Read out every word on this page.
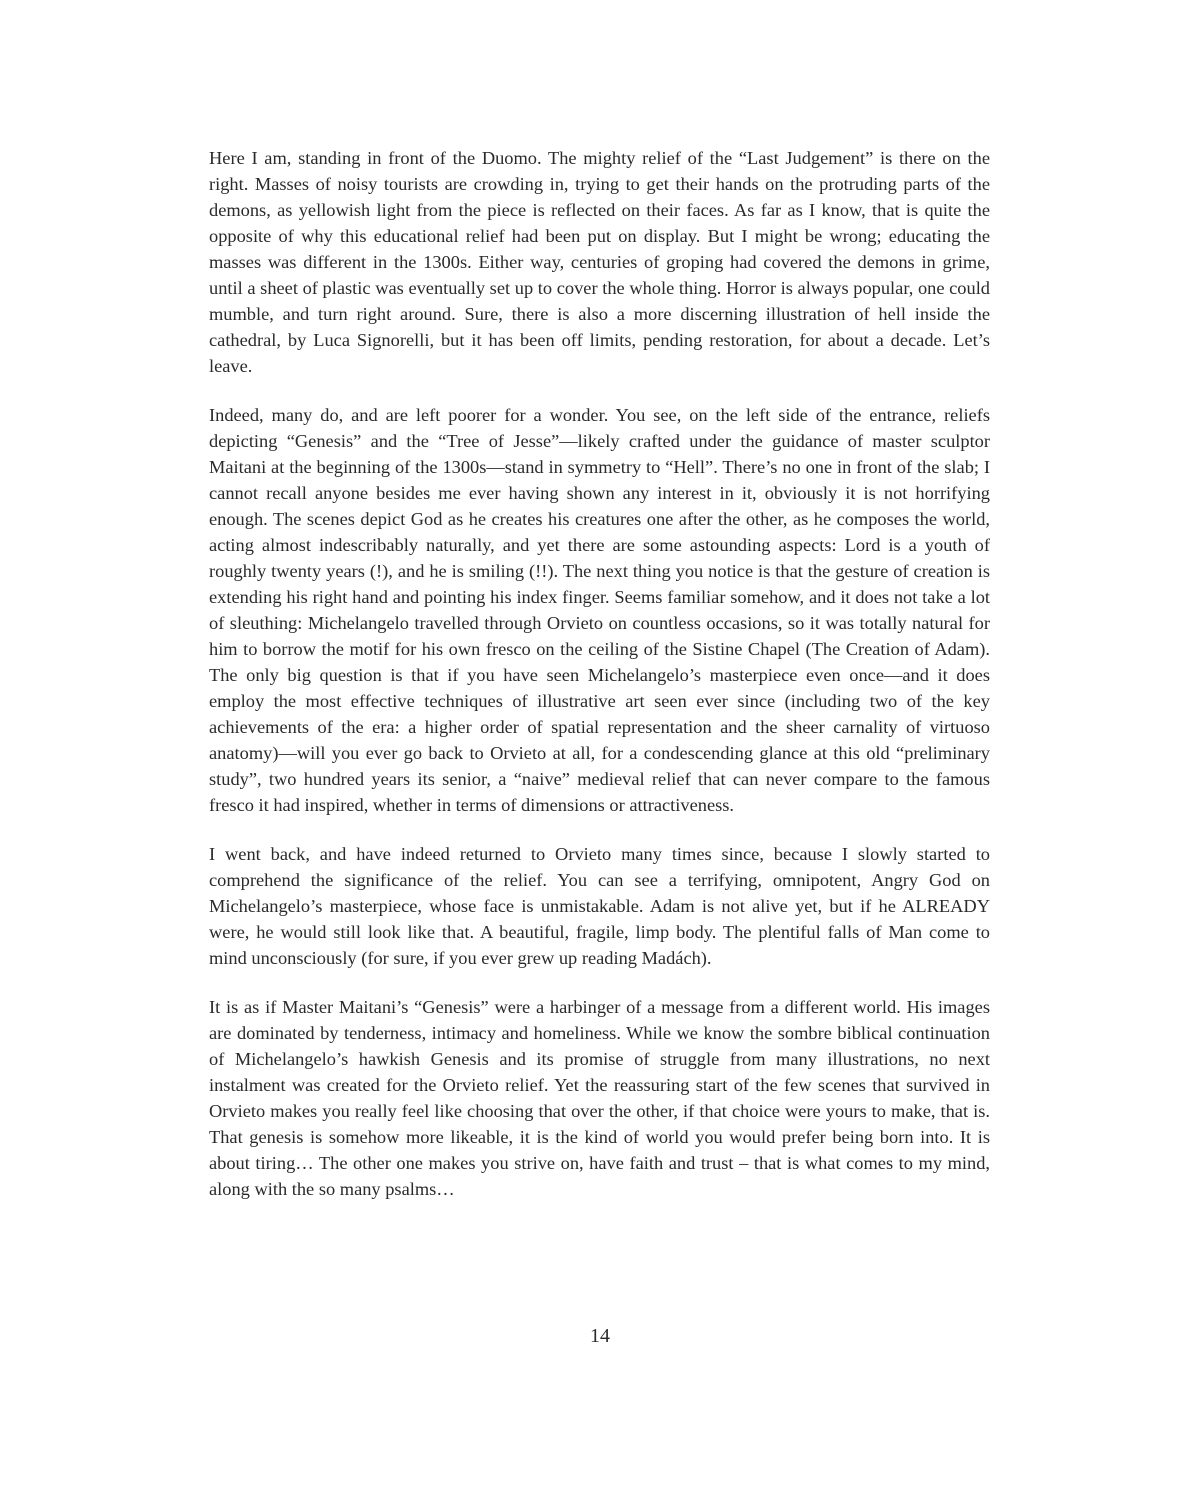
Here I am, standing in front of the Duomo. The mighty relief of the “Last Judgement” is there on the right. Masses of noisy tourists are crowding in, trying to get their hands on the protruding parts of the demons, as yellowish light from the piece is reflected on their faces. As far as I know, that is quite the opposite of why this educational relief had been put on display. But I might be wrong; educating the masses was different in the 1300s. Either way, centuries of groping had covered the demons in grime, until a sheet of plastic was eventually set up to cover the whole thing. Horror is always popular, one could mumble, and turn right around. Sure, there is also a more discerning illustration of hell inside the cathedral, by Luca Signorelli, but it has been off limits, pending restoration, for about a decade. Let’s leave.

Indeed, many do, and are left poorer for a wonder. You see, on the left side of the entrance, reliefs depicting “Genesis” and the “Tree of Jesse”—likely crafted under the guidance of master sculptor Maitani at the beginning of the 1300s—stand in symmetry to “Hell”. There’s no one in front of the slab; I cannot recall anyone besides me ever having shown any interest in it, obviously it is not horrifying enough. The scenes depict God as he creates his creatures one after the other, as he composes the world, acting almost indescribably naturally, and yet there are some astounding aspects: Lord is a youth of roughly twenty years (!), and he is smiling (!!). The next thing you notice is that the gesture of creation is extending his right hand and pointing his index finger. Seems familiar somehow, and it does not take a lot of sleuthing: Michelangelo travelled through Orvieto on countless occasions, so it was totally natural for him to borrow the motif for his own fresco on the ceiling of the Sistine Chapel (The Creation of Adam). The only big question is that if you have seen Michelangelo’s masterpiece even once—and it does employ the most effective techniques of illustrative art seen ever since (including two of the key achievements of the era: a higher order of spatial representation and the sheer carnality of virtuoso anatomy)—will you ever go back to Orvieto at all, for a condescending glance at this old “preliminary study”, two hundred years its senior, a “naive” medieval relief that can never compare to the famous fresco it had inspired, whether in terms of dimensions or attractiveness.

I went back, and have indeed returned to Orvieto many times since, because I slowly started to comprehend the significance of the relief. You can see a terrifying, omnipotent, Angry God on Michelangelo’s masterpiece, whose face is unmistakable. Adam is not alive yet, but if he ALREADY were, he would still look like that. A beautiful, fragile, limp body. The plentiful falls of Man come to mind unconsciously (for sure, if you ever grew up reading Madách).

It is as if Master Maitani’s “Genesis” were a harbinger of a message from a different world. His images are dominated by tenderness, intimacy and homeliness. While we know the sombre biblical continuation of Michelangelo’s hawkish Genesis and its promise of struggle from many illustrations, no next instalment was created for the Orvieto relief. Yet the reassuring start of the few scenes that survived in Orvieto makes you really feel like choosing that over the other, if that choice were yours to make, that is. That genesis is somehow more likeable, it is the kind of world you would prefer being born into. It is about tiring… The other one makes you strive on, have faith and trust – that is what comes to my mind, along with the so many psalms…

14
